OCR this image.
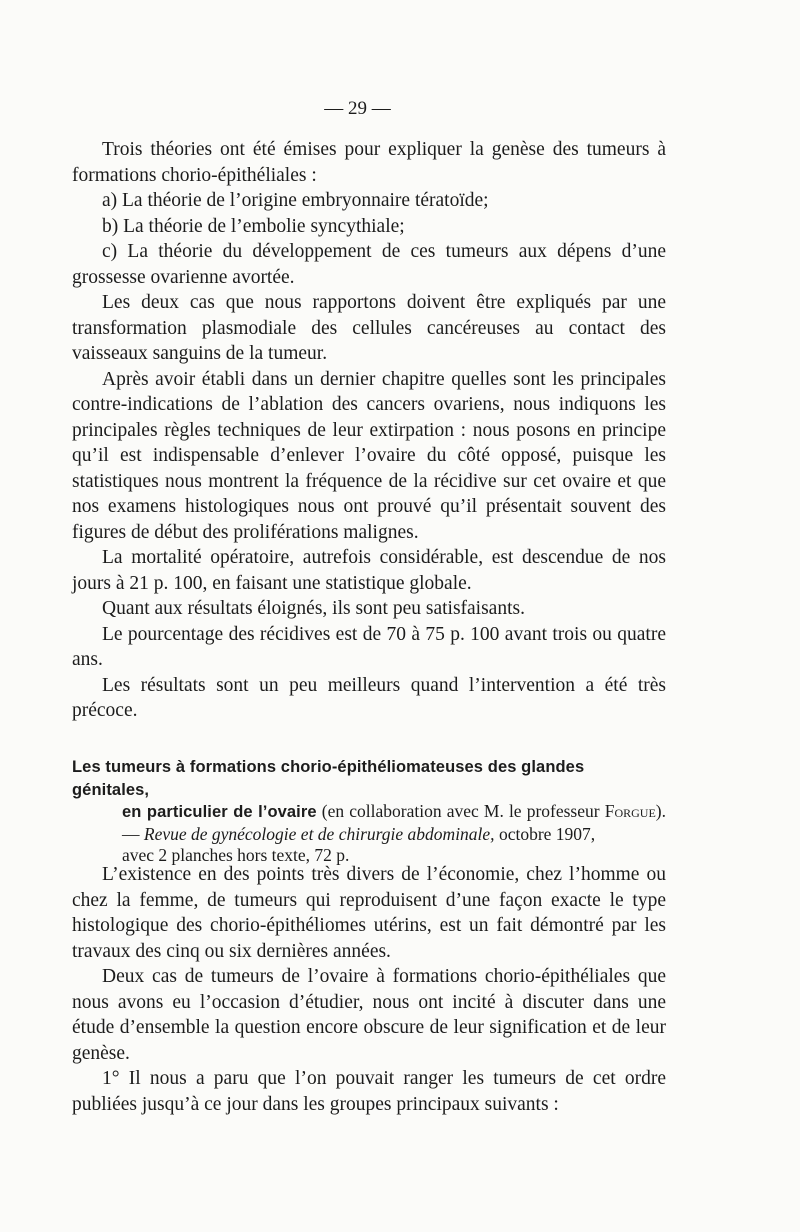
— 29 —

Trois théories ont été émises pour expliquer la genèse des tumeurs à formations chorio-épithéliales :

a) La théorie de l’origine embryonnaire tératoïde;

b) La théorie de l’embolie syncythiale;

c) La théorie du développement de ces tumeurs aux dépens d’une grossesse ovarienne avortée.

Les deux cas que nous rapportons doivent être expliqués par une transformation plasmodiale des cellules cancéreuses au contact des vaisseaux sanguins de la tumeur.

Après avoir établi dans un dernier chapitre quelles sont les principales contre-indications de l’ablation des cancers ovariens, nous indiquons les principales règles techniques de leur extirpation : nous posons en principe qu’il est indispensable d’enlever l’ovaire du côté opposé, puisque les statistiques nous montrent la fréquence de la récidive sur cet ovaire et que nos examens histologiques nous ont prouvé qu’il présentait souvent des figures de début des proliférations malignes.

La mortalité opératoire, autrefois considérable, est descendue de nos jours à 21 p. 100, en faisant une statistique globale.

Quant aux résultats éloignés, ils sont peu satisfaisants.

Le pourcentage des récidives est de 70 à 75 p. 100 avant trois ou quatre ans.

Les résultats sont un peu meilleurs quand l’intervention a été très précoce.

Les tumeurs à formations chorio-épithéliomateuses des glandes génitales,
en particulier de l’ovaire (en collaboration avec M. le professeur Forgue). — Revue de gynécologie et de chirurgie abdominale, octobre 1907,
avec 2 planches hors texte, 72 p.

L’existence en des points très divers de l’économie, chez l’homme ou chez la femme, de tumeurs qui reproduisent d’une façon exacte le type histologique des chorio-épithéliomes utérins, est un fait démontré par les travaux des cinq ou six dernières années.

Deux cas de tumeurs de l’ovaire à formations chorio-épithéliales que nous avons eu l’occasion d’étudier, nous ont incité à discuter dans une étude d’ensemble la question encore obscure de leur signification et de leur genèse.

1° Il nous a paru que l’on pouvait ranger les tumeurs de cet ordre publiées jusqu’à ce jour dans les groupes principaux suivants :
